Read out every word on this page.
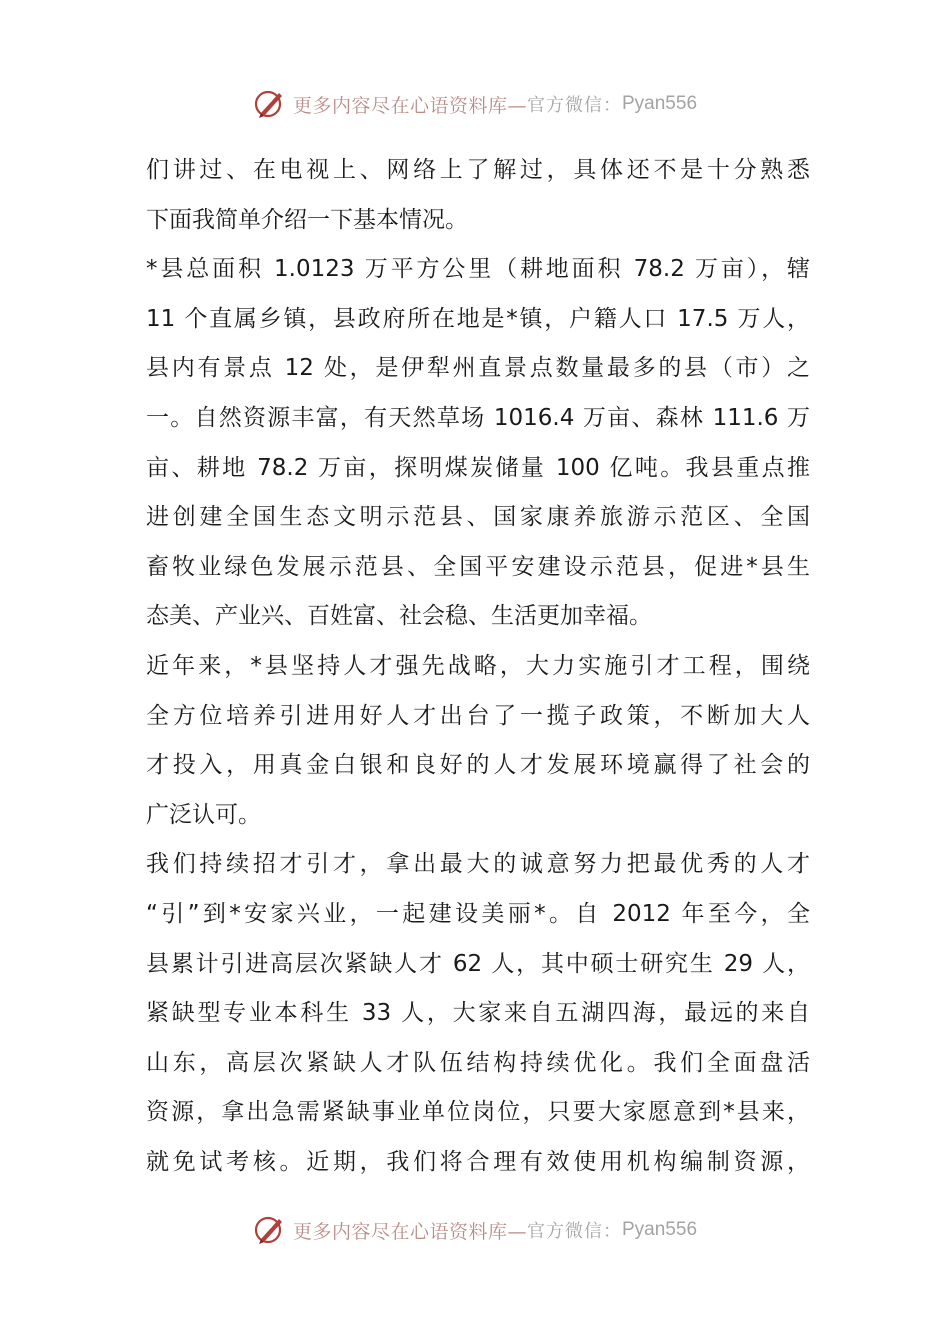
更多内容尽在心语资料库— 官方微信： Pyan556
们讲过、在电视上、网络上了解过，具体还不是十分熟悉
下面我简单介绍一下基本情况。
*县总面积 1.0123 万平方公里（耕地面积 78.2 万亩），辖
11 个直属乡镇，县政府所在地是*镇，户籍人口 17.5 万人，
县内有景点 12 处，是伊犁州直景点数量最多的县（市）之
一。自然资源丰富，有天然草场 1016.4 万亩、森林 111.6 万
亩、耕地 78.2 万亩，探明煤炭储量 100 亿吨。我县重点推
进创建全国生态文明示范县、国家康养旅游示范区、全国
畜牧业绿色发展示范县、全国平安建设示范县，促进*县生
态美、产业兴、百姓富、社会稳、生活更加幸福。
近年来，*县坚持人才强先战略，大力实施引才工程，围绕
全方位培养引进用好人才出台了一揽子政策，不断加大人
才投入，用真金白银和良好的人才发展环境赢得了社会的
广泛认可。
我们持续招才引才，拿出最大的诚意努力把最优秀的人才
“引”到*安家兴业，一起建设美丽*。自 2012 年至今，全
县累计引进高层次紧缺人才 62 人，其中硕士研究生 29 人，
紧缺型专业本科生 33 人，大家来自五湖四海，最远的来自
山东，高层次紧缺人才队伍结构持续优化。我们全面盘活
资源，拿出急需紧缺事业单位岗位，只要大家愿意到*县来，
就免试考核。近期，我们将合理有效使用机构编制资源，
更多内容尽在心语资料库— 官方微信： Pyan556
